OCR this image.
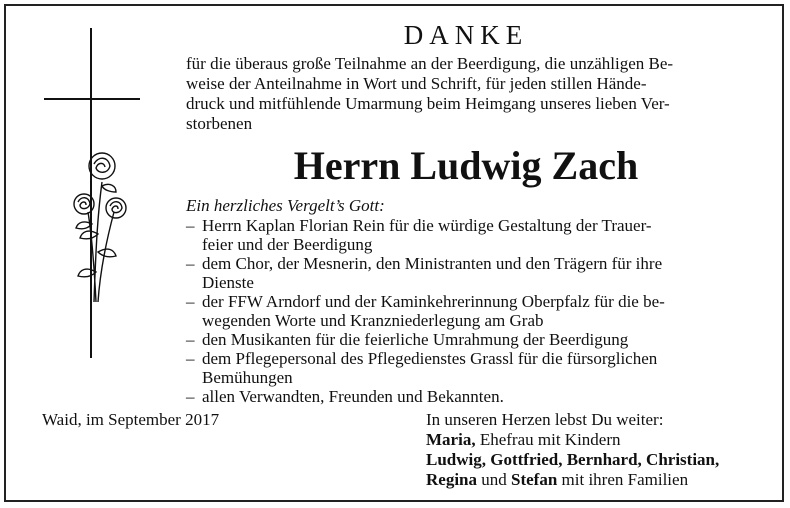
DANKE

für die überaus große Teilnahme an der Beerdigung, die unzähligen Be-
weise der Anteilnahme in Wort und Schrift, für jeden stillen Hände-
druck und mitfühlende Umarmung beim Heimgang unseres lieben Ver-
storbenen

Herrn Ludwig Zach
Ein herzliches Vergelt’s Gott:
– Herrn Kaplan Florian Rein für die würdige Gestaltung der Trauer-
feier und der Beerdigung
– dem Chor, der Mesnerin, den Ministranten und den Trägern für ihre
Dienste
– der FFW Arndorf und der Kaminkehrerinnung Oberpfalz für die be-
wegenden Worte und Kranzniederlegung am Grab
– den Musikanten für die feierliche Umrahmung der Beerdigung
– dem Pflegepersonal des Pflegedienstes Grassl für die fürsorglichen
Bemühungen
– allen Verwandten, Freunden und Bekannten.
Waid, im September 2017	In unseren Herzen lebst Du weiter:
Maria, Ehefrau mit Kindern
Ludwig, Gottfried, Bernhard, Christian,
Regina und Stefan mit ihren Familien
